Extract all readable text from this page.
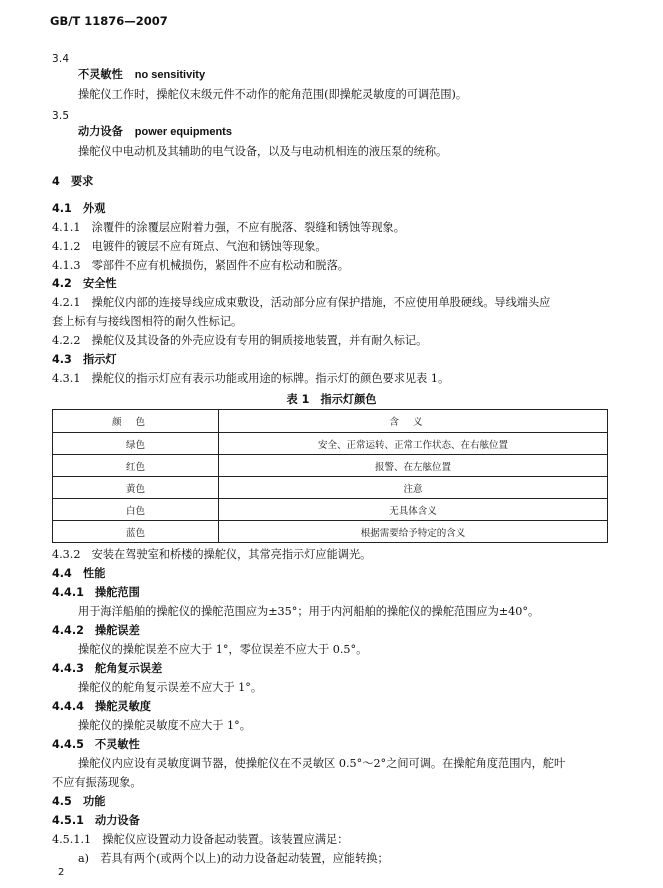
GB/T 11876—2007
3.4
不灵敏性 no sensitivity
操舵仪工作时，操舵仪末级元件不动作的舵角范围(即操舵灵敏度的可调范围)。
3.5
动力设备 power equipments
操舵仪中电动机及其辅助的电气设备，以及与电动机相连的液压泵的统称。
4　要求
4.1　外观
4.1.1　涂覆件的涂覆层应附着力强，不应有脱落、裂缝和锈蚀等现象。
4.1.2　电镀件的镀层不应有斑点、气泡和锈蚀等现象。
4.1.3　零部件不应有机械损伤，紧固件不应有松动和脱落。
4.2　安全性
4.2.1　操舵仪内部的连接导线应成束敷设，活动部分应有保护措施，不应使用单股硬线。导线端头应
套上标有与接线图相符的耐久性标记。
4.2.2　操舵仪及其设备的外壳应设有专用的铜质接地装置，并有耐久标记。
4.3　指示灯
4.3.1　操舵仪的指示灯应有表示功能或用途的标牌。指示灯的颜色要求见表 1。
表 1　指示灯颜色
颜色	含义
绿色	安全、正常运转、正常工作状态、在右舷位置
红色	报警、在左舷位置
黄色	注意
白色	无具体含义
蓝色	根据需要给予特定的含义
4.3.2　安装在驾驶室和桥楼的操舵仪，其常亮指示灯应能调光。
4.4　性能
4.4.1　操舵范围
用于海洋船舶的操舵仪的操舵范围应为±35°；用于内河船舶的操舵仪的操舵范围应为±40°。
4.4.2　操舵误差
操舵仪的操舵误差不应大于 1°，零位误差不应大于 0.5°。
4.4.3　舵角复示误差
操舵仪的舵角复示误差不应大于 1°。
4.4.4　操舵灵敏度
操舵仪的操舵灵敏度不应大于 1°。
4.4.5　不灵敏性
操舵仪内应设有灵敏度调节器，使操舵仪在不灵敏区 0.5°～2°之间可调。在操舵角度范围内，舵叶
不应有振荡现象。
4.5　功能
4.5.1　动力设备
4.5.1.1　操舵仪应设置动力设备起动装置。该装置应满足：
a)　若具有两个(或两个以上)的动力设备起动装置，应能转换；
2
